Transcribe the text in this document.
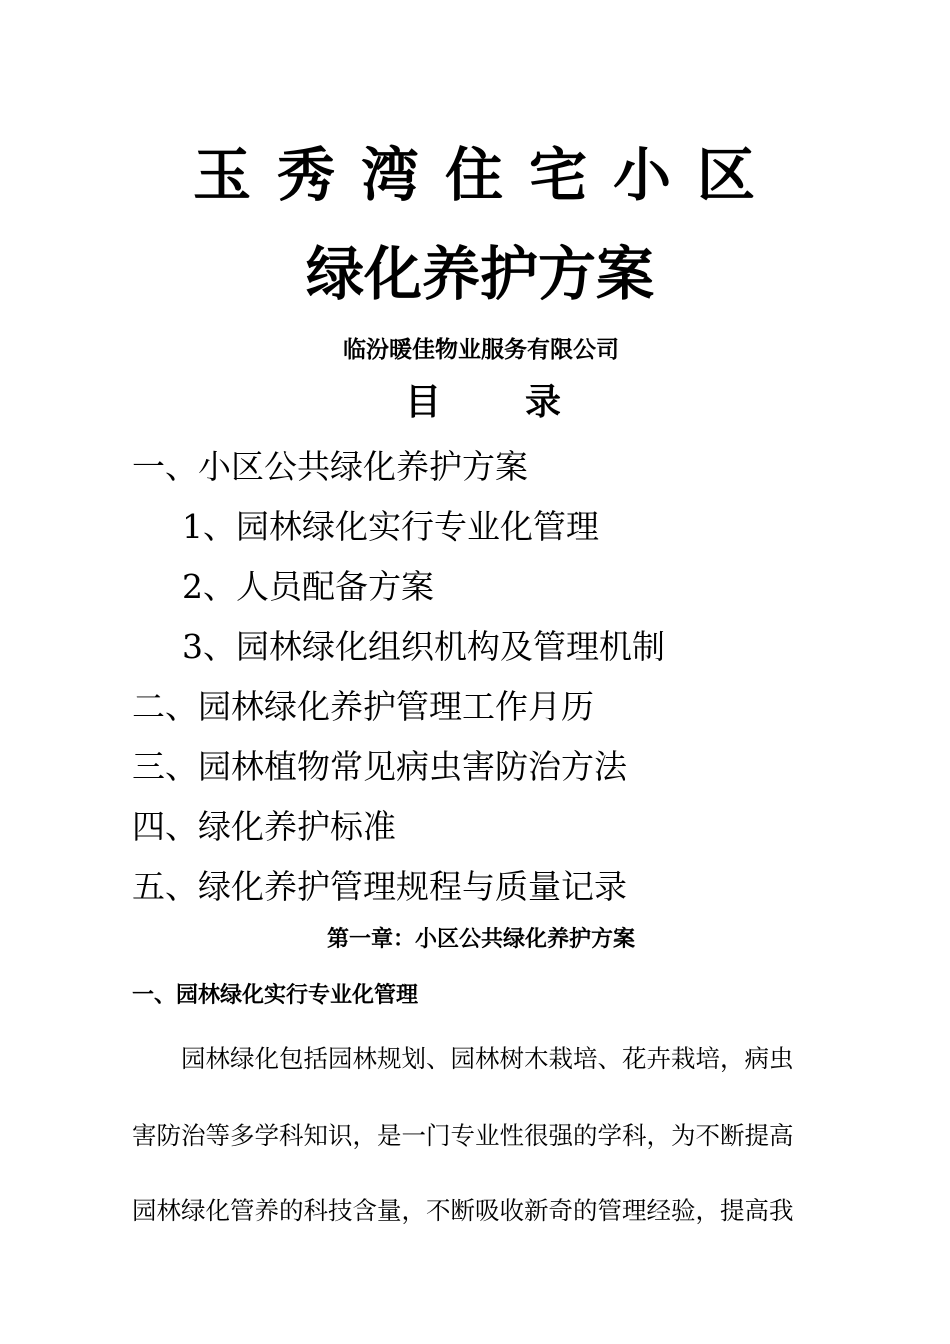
玉秀湾住宅小区
绿化养护方案
临汾暖佳物业服务有限公司
目录
一、小区公共绿化养护方案
1、园林绿化实行专业化管理
2、人员配备方案
3、园林绿化组织机构及管理机制
二、园林绿化养护管理工作月历
三、园林植物常见病虫害防治方法
四、绿化养护标准
五、绿化养护管理规程与质量记录
第一章：小区公共绿化养护方案
一、园林绿化实行专业化管理
园林绿化包括园林规划、园林树木栽培、花卉栽培，病虫
害防治等多学科知识，是一门专业性很强的学科，为不断提高
园林绿化管养的科技含量，不断吸收新奇的管理经验，提高我
